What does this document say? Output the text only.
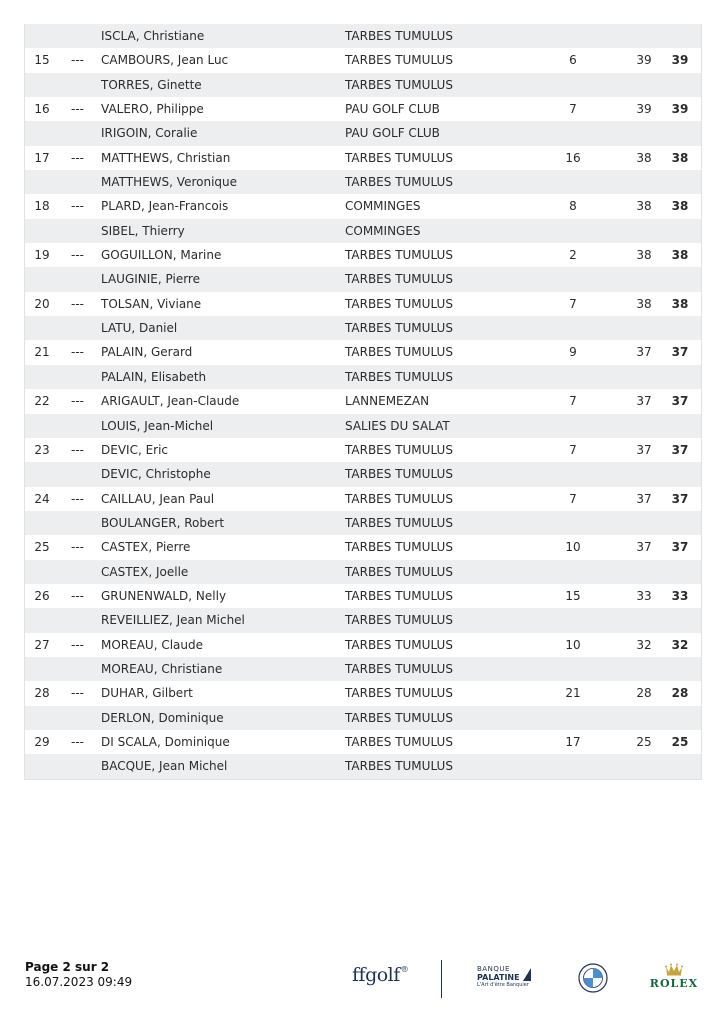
ISCLA, Christiane	TARBES TUMULUS
15	--- CAMBOURS, Jean Luc	TARBES TUMULUS	6	39	39
TORRES, Ginette	TARBES TUMULUS
16	--- VALERO, Philippe	PAU GOLF CLUB	7	39	39
IRIGOIN, Coralie	PAU GOLF CLUB
17	--- MATTHEWS, Christian	TARBES TUMULUS	16	38	38
MATTHEWS, Veronique	TARBES TUMULUS
18	--- PLARD, Jean-Francois	COMMINGES	8	38	38
SIBEL, Thierry	COMMINGES
19	--- GOGUILLON, Marine	TARBES TUMULUS	2	38	38
LAUGINIE, Pierre	TARBES TUMULUS
20	--- TOLSAN, Viviane	TARBES TUMULUS	7	38	38
LATU, Daniel	TARBES TUMULUS
21	--- PALAIN, Gerard	TARBES TUMULUS	9	37	37
PALAIN, Elisabeth	TARBES TUMULUS
22	--- ARIGAULT, Jean-Claude	LANNEMEZAN	7	37	37
LOUIS, Jean-Michel	SALIES DU SALAT
23	--- DEVIC, Eric	TARBES TUMULUS	7	37	37
DEVIC, Christophe	TARBES TUMULUS
24	--- CAILLAU, Jean Paul	TARBES TUMULUS	7	37	37
BOULANGER, Robert	TARBES TUMULUS
25	--- CASTEX, Pierre	TARBES TUMULUS	10	37	37
CASTEX, Joelle	TARBES TUMULUS
26	--- GRUNENWALD, Nelly	TARBES TUMULUS	15	33	33
REVEILLIEZ, Jean Michel	TARBES TUMULUS
27	--- MOREAU, Claude	TARBES TUMULUS	10	32	32
MOREAU, Christiane	TARBES TUMULUS
28	--- DUHAR, Gilbert	TARBES TUMULUS	21	28	28
DERLON, Dominique	TARBES TUMULUS
29	--- DI SCALA, Dominique	TARBES TUMULUS	17	25	25
BACQUE, Jean Michel	TARBES TUMULUS
Page 2 sur 2
16.07.2023 09:49	ffgolf®	BANQUE
PALATINE
L'Art d'être Banquier	ROLEX
